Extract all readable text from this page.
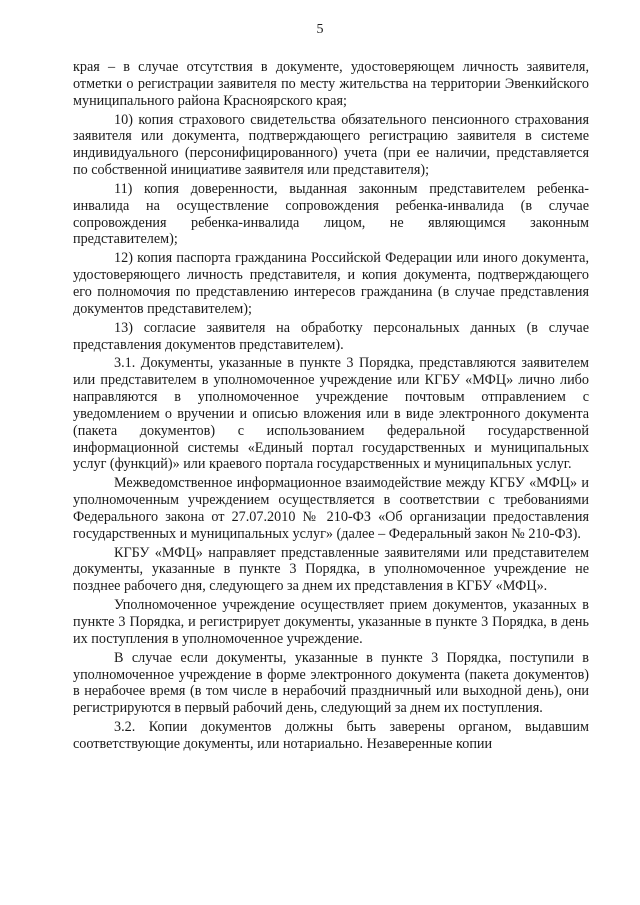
5

края – в случае отсутствия в документе, удостоверяющем личность заявителя, отметки о регистрации заявителя по месту жительства на территории Эвенкийского муниципального района Красноярского края;

10) копия страхового свидетельства обязательного пенсионного страхования заявителя или документа, подтверждающего регистрацию заявителя в системе индивидуального (персонифицированного) учета (при ее наличии, представляется по собственной инициативе заявителя или представителя);

11) копия доверенности, выданная законным представителем ребенка-инвалида на осуществление сопровождения ребенка-инвалида (в случае сопровождения ребенка-инвалида лицом, не являющимся законным представителем);

12) копия паспорта гражданина Российской Федерации или иного документа, удостоверяющего личность представителя, и копия документа, подтверждающего его полномочия по представлению интересов гражданина (в случае представления документов представителем);

13) согласие заявителя на обработку персональных данных (в случае представления документов представителем).

3.1. Документы, указанные в пункте 3 Порядка, представляются заявителем или представителем в уполномоченное учреждение или КГБУ «МФЦ» лично либо направляются в уполномоченное учреждение почтовым отправлением с уведомлением о вручении и описью вложения или в виде электронного документа (пакета документов) с использованием федеральной государственной информационной системы «Единый портал государственных и муниципальных услуг (функций)» или краевого портала государственных и муниципальных услуг.

Межведомственное информационное взаимодействие между КГБУ «МФЦ» и уполномоченным учреждением осуществляется в соответствии с требованиями Федерального закона от 27.07.2010 № 210-ФЗ «Об организации предоставления государственных и муниципальных услуг» (далее – Федеральный закон № 210-ФЗ).

КГБУ «МФЦ» направляет представленные заявителями или представителем документы, указанные в пункте 3 Порядка, в уполномоченное учреждение не позднее рабочего дня, следующего за днем их представления в КГБУ «МФЦ».

Уполномоченное учреждение осуществляет прием документов, указанных в пункте 3 Порядка, и регистрирует документы, указанные в пункте 3 Порядка, в день их поступления в уполномоченное учреждение.

В случае если документы, указанные в пункте 3 Порядка, поступили в уполномоченное учреждение в форме электронного документа (пакета документов) в нерабочее время (в том числе в нерабочий праздничный или выходной день), они регистрируются в первый рабочий день, следующий за днем их поступления.

3.2. Копии документов должны быть заверены органом, выдавшим соответствующие документы, или нотариально. Незаверенные копии
